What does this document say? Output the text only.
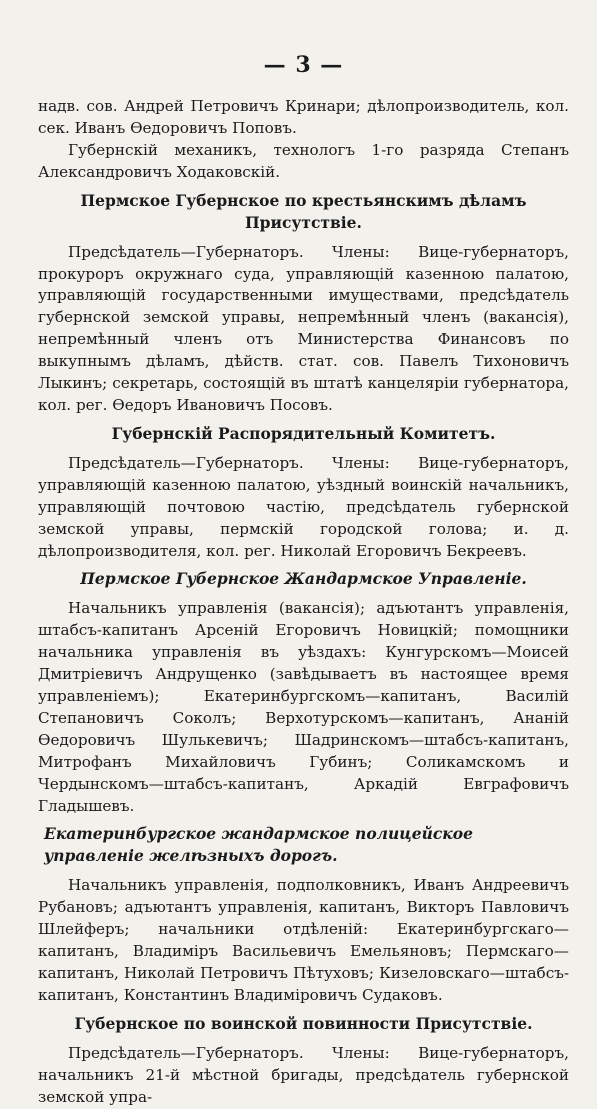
— 3 —

надв. сов. Андрей Петровичъ Кринари; дѣлопроизводитель, кол. сек. Иванъ Ѳедоровичъ Поповъ.

Губернскій механикъ, технологъ 1-го разряда Степанъ Александровичъ Ходаковскій.

Пермское Губернское по крестьянскимъ дѣламъ Присутствіе.

Предсѣдатель—Губернаторъ. Члены: Вице-губернаторъ, прокуроръ окружнаго суда, управляющій казенною палатою, управляющій государственными имуществами, предсѣдатель губернской земской управы, непремѣнный членъ (вакансія), непремѣнный членъ отъ Министерства Финансовъ по выкупнымъ дѣламъ, дѣйств. стат. сов. Павелъ Тихоновичъ Лыкинъ; секретарь, состоящій въ штатѣ канцеляріи губернатора, кол. рег. Ѳедоръ Ивановичъ Посовъ.

Губернскій Распорядительный Комитетъ.

Предсѣдатель—Губернаторъ. Члены: Вице-губернаторъ, управляющій казенною палатою, уѣздный воинскій начальникъ, управляющій почтовою частію, предсѣдатель губернской земской управы, пермскій городской голова; и. д. дѣлопроизводителя, кол. рег. Николай Егоровичъ Бекреевъ.

Пермское Губернское Жандармское Управленіе.

Начальникъ управленія (вакансія); адъютантъ управленія, штабсъ-капитанъ Арсеній Егоровичъ Новицкій; помощники начальника управленія въ уѣздахъ: Кунгурскомъ—Моисей Дмитріевичъ Андрущенко (завѣдываетъ въ настоящее время управленіемъ); Екатеринбургскомъ—капитанъ, Василій Степановичъ Соколъ; Верхотурскомъ—капитанъ, Ананій Ѳедоровичъ Шулькевичъ; Шадринскомъ—штабсъ-капитанъ, Митрофанъ Михайловичъ Губинъ; Соликамскомъ и Чердынскомъ—штабсъ-капитанъ, Аркадій Евграфовичъ Гладышевъ.

Екатеринбургское жандармское полицейское управленіе желѣзныхъ дорогъ.

Начальникъ управленія, подполковникъ, Иванъ Андреевичъ Рубановъ; адъютантъ управленія, капитанъ, Викторъ Павловичъ Шлейферъ; начальники отдѣленій: Екатеринбургскаго—капитанъ, Владиміръ Васильевичъ Емельяновъ; Пермскаго—капитанъ, Николай Петровичъ Пѣтуховъ; Кизеловскаго—штабсъ-капитанъ, Константинъ Владиміровичъ Судаковъ.

Губернское по воинской повинности Присутствіе.

Предсѣдатель—Губернаторъ. Члены: Вице-губернаторъ, начальникъ 21-й мѣстной бригады, предсѣдатель губернской земской упра-
